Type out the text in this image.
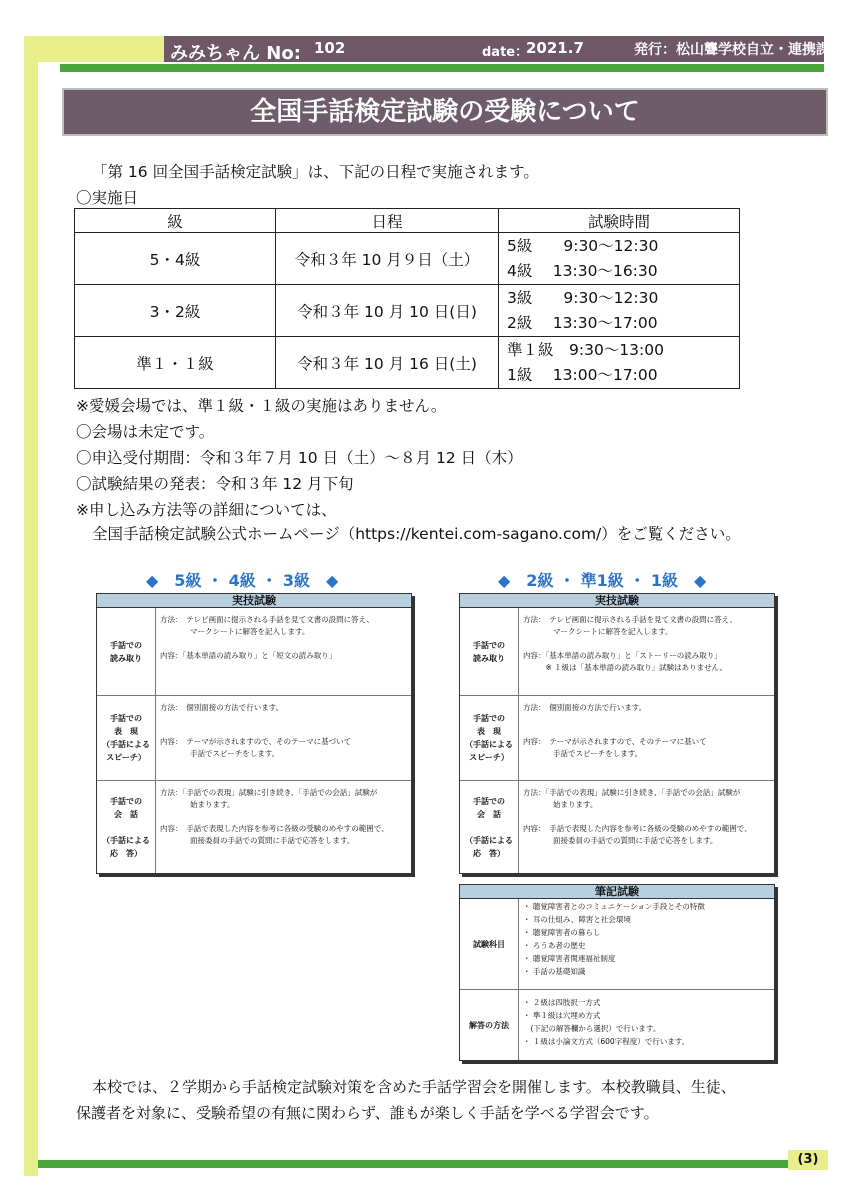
みみちゃん No: 102	date：
2021.7	発行：松山聾学校自立・連携課
全国手話検定試験の受験について
「第 16 回全国手話検定試験」は、下記の日程で実施されます。
〇実施日
級	日程	試験時間
5・4級	令和３年 10 月９日（土）	5級　　9:30～12:30
4級　 13:30～16:30

3・2級	令和３年 10 月 10 日(日)	3級　　9:30～12:30
2級　 13:30～17:00

準１・１級	令和３年 10 月 16 日(土)	準１級　9:30～13:00
1級　 13:00～17:00
※愛媛会場では、準１級・１級の実施はありません。
〇会場は未定です。
〇申込受付期間：令和３年７月 10 日（土）～８月 12 日（木）
〇試験結果の発表：令和３年 12 月下旬
※申し込み方法等の詳細については、
全国手話検定試験公式ホームページ（https://kentei.com-sagano.com/）をご覧ください。
◆　5級 ・ 4級 ・ 3級　◆	◆　2級 ・ 準1級 ・ 1級　◆
実技試験
手話での
読み取り
方法：　テレビ画面に提示される手話を見て文書の設問に答え、
　　　　マークシートに解答を記入します。
内容：「基本単語の読み取り」と「短文の読み取り」
手話での
表　現
（手話による
スピーチ）
方法：　個別面接の方法で行います。
内容：　テーマが示されますので、そのテーマに基づいて
　　　　手話でスピーチをします。
手話での
会　話

（手話による
応　答）
方法：「手話での表現」試験に引き続き、「手話での会話」試験が
　　　　始まります。
内容：　手話で表現した内容を参考に各級の受験のめやすの範囲で、
　　　　面接委員の手話での質問に手話で応答をします。
実技試験
手話での
読み取り
方法：　テレビ画面に提示される手話を見て文書の設問に答え、
　　　　マークシートに解答を記入します。
内容：「基本単語の読み取り」と「ストーリーの読み取り」
　　　※ １級は「基本単語の読み取り」試験はありません。
手話での
表　現
（手話による
スピーチ）
方法：　個別面接の方法で行います。
内容：　テーマが示されますので、そのテーマに基いて
　　　　手話でスピーチをします。
手話での
会　話

（手話による
応　答）
方法：「手話での表現」試験に引き続き、「手話での会話」試験が
　　　　始まります。
内容：　手話で表現した内容を参考に各級の受験のめやすの範囲で、
　　　　面接委員の手話での質問に手話で応答をします。
筆記試験
試験科目
・ 聴覚障害者とのコミュニケーション手段とその特徴
・ 耳の仕組み、障害と社会環境
・ 聴覚障害者の暮らし
・ ろうあ者の歴史
・ 聴覚障害者関連福祉制度
・ 手話の基礎知識
解答の方法
・ ２級は四肢択一方式
・ 準１級は穴埋め方式
　(下記の解答欄から選択）で行います。
・ １級は小論文方式（600字程度）で行います。
本校では、２学期から手話検定試験対策を含めた手話学習会を開催します。本校教職員、生徒、
保護者を対象に、受験希望の有無に関わらず、誰もが楽しく手話を学べる学習会です。
(3)
